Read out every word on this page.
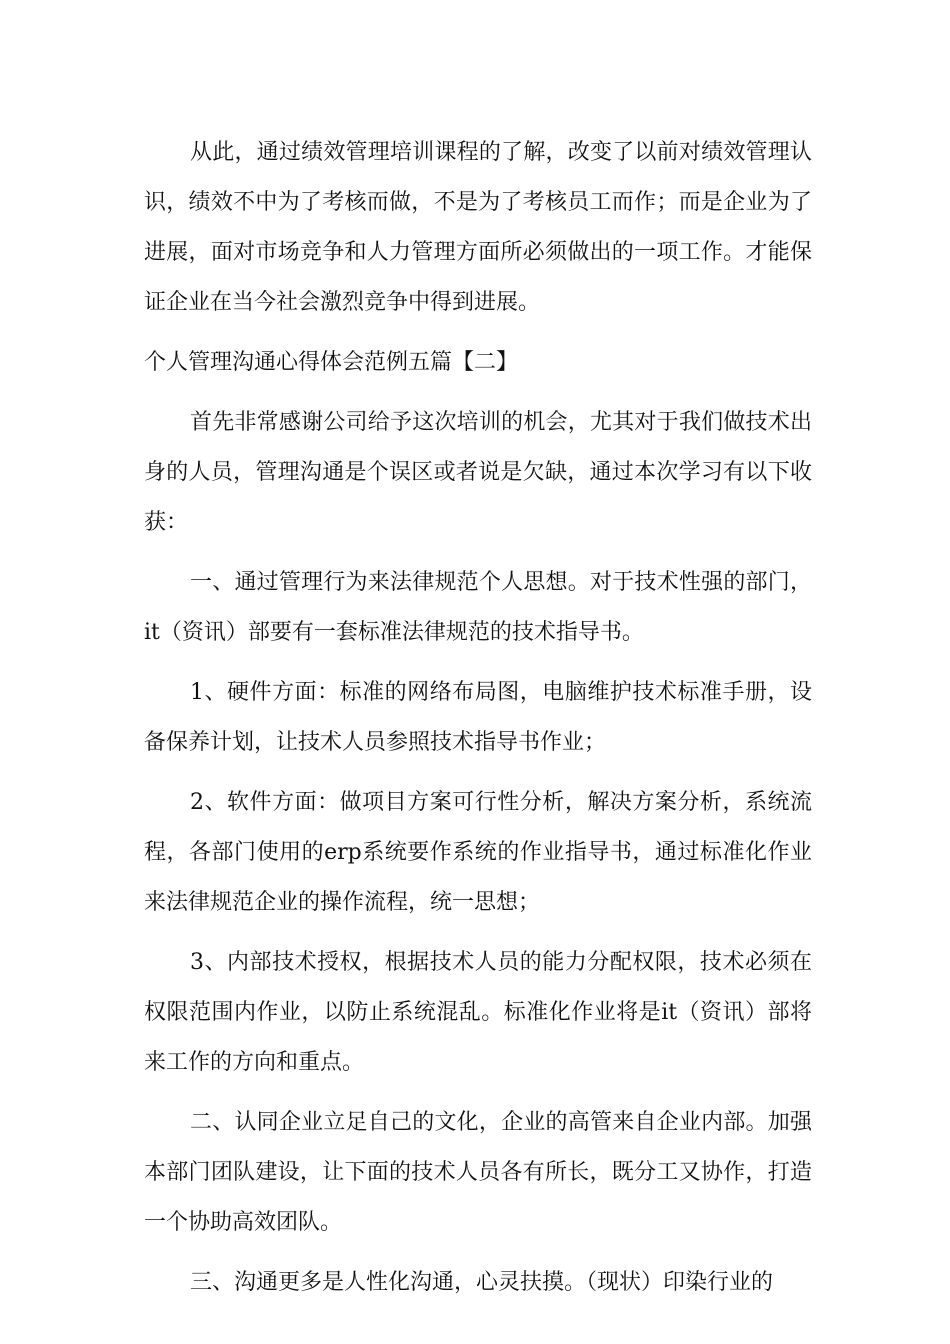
从此，通过绩效管理培训课程的了解，改变了以前对绩效管理认识，绩效不中为了考核而做，不是为了考核员工而作；而是企业为了进展，面对市场竞争和人力管理方面所必须做出的一项工作。才能保证企业在当今社会激烈竞争中得到进展。

个人管理沟通心得体会范例五篇【二】

首先非常感谢公司给予这次培训的机会，尤其对于我们做技术出身的人员，管理沟通是个误区或者说是欠缺，通过本次学习有以下收获：

一、通过管理行为来法律规范个人思想。对于技术性强的部门，it（资讯）部要有一套标准法律规范的技术指导书。

1、硬件方面：标准的网络布局图，电脑维护技术标准手册，设备保养计划，让技术人员参照技术指导书作业；

2、软件方面：做项目方案可行性分析，解决方案分析，系统流程，各部门使用的erp系统要作系统的作业指导书，通过标准化作业来法律规范企业的操作流程，统一思想；

3、内部技术授权，根据技术人员的能力分配权限，技术必须在权限范围内作业，以防止系统混乱。标准化作业将是it（资讯）部将来工作的方向和重点。

二、认同企业立足自己的文化，企业的高管来自企业内部。加强本部门团队建设，让下面的技术人员各有所长，既分工又协作，打造一个协助高效团队。

三、沟通更多是人性化沟通，心灵扶摸。（现状）印染行业的
